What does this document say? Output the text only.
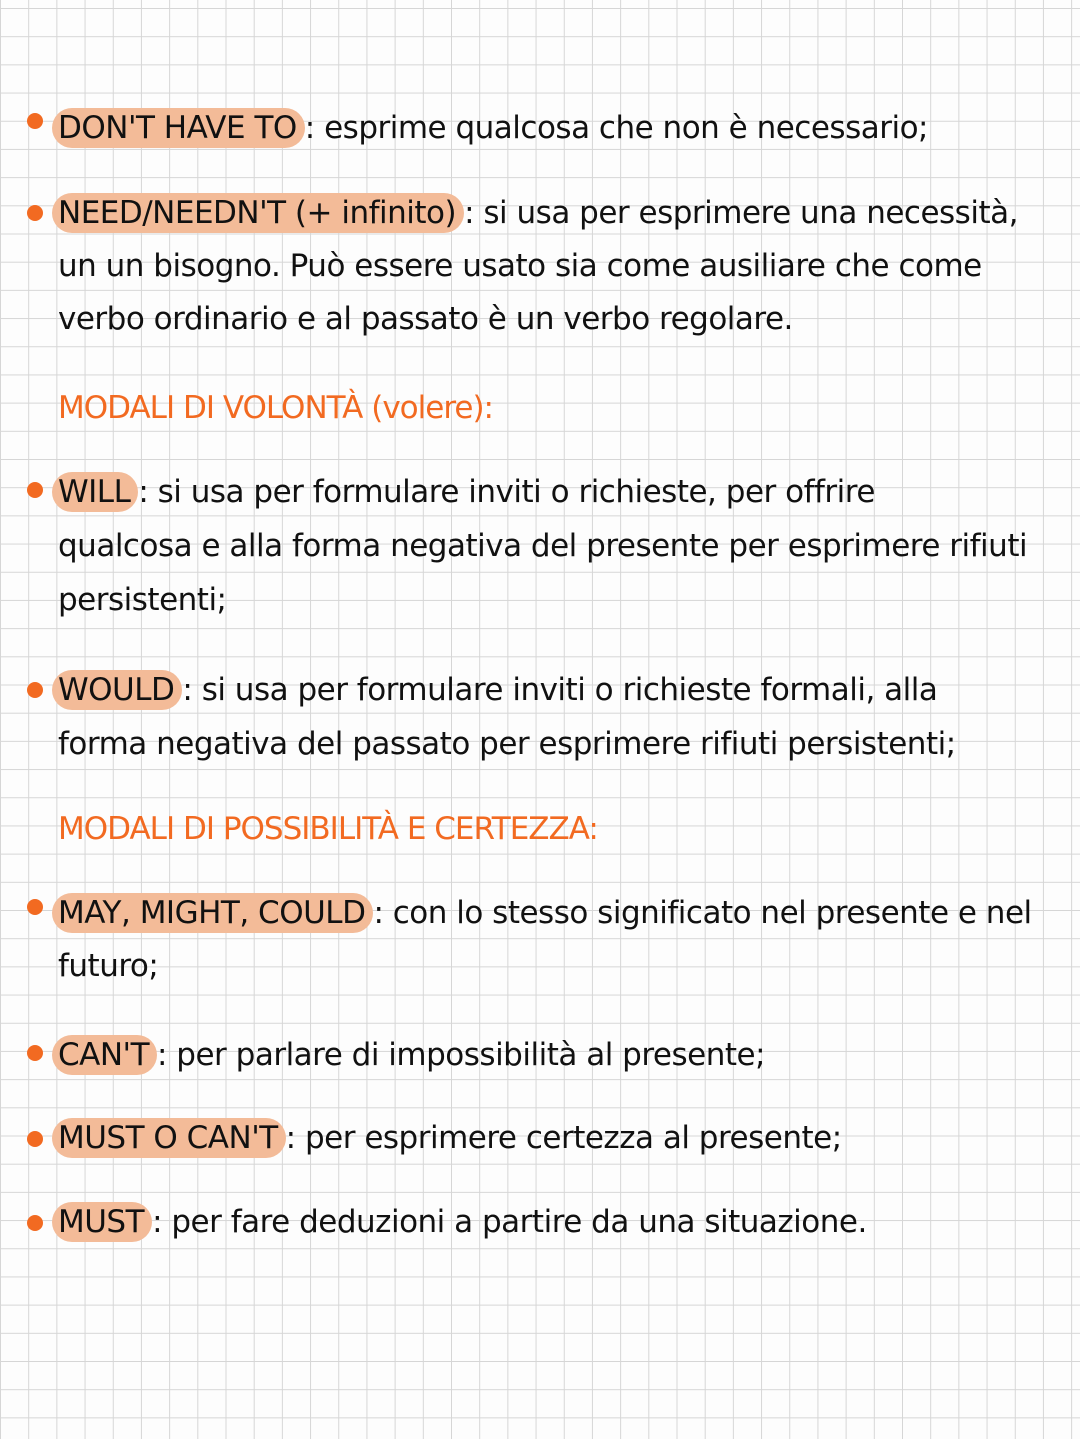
DON'T HAVE TO : esprime qualcosa che non è necessario;
NEED/NEEDN'T (+ infinito) : si usa per esprimere una necessità,
un un bisogno. Può essere usato sia come ausiliare che come
verbo ordinario e al passato è un verbo regolare.
MODALI DI VOLONTÀ (volere):
WILL : si usa per formulare inviti o richieste, per offrire
qualcosa e alla forma negativa del presente per esprimere rifiuti
persistenti;
WOULD : si usa per formulare inviti o richieste formali, alla
forma negativa del passato per esprimere rifiuti persistenti;
MODALI DI POSSIBILITÀ E CERTEZZA:
MAY, MIGHT, COULD : con lo stesso significato nel presente e nel
futuro;
CAN'T : per parlare di impossibilità al presente;
MUST O CAN'T : per esprimere certezza al presente;
MUST : per fare deduzioni a partire da una situazione.
